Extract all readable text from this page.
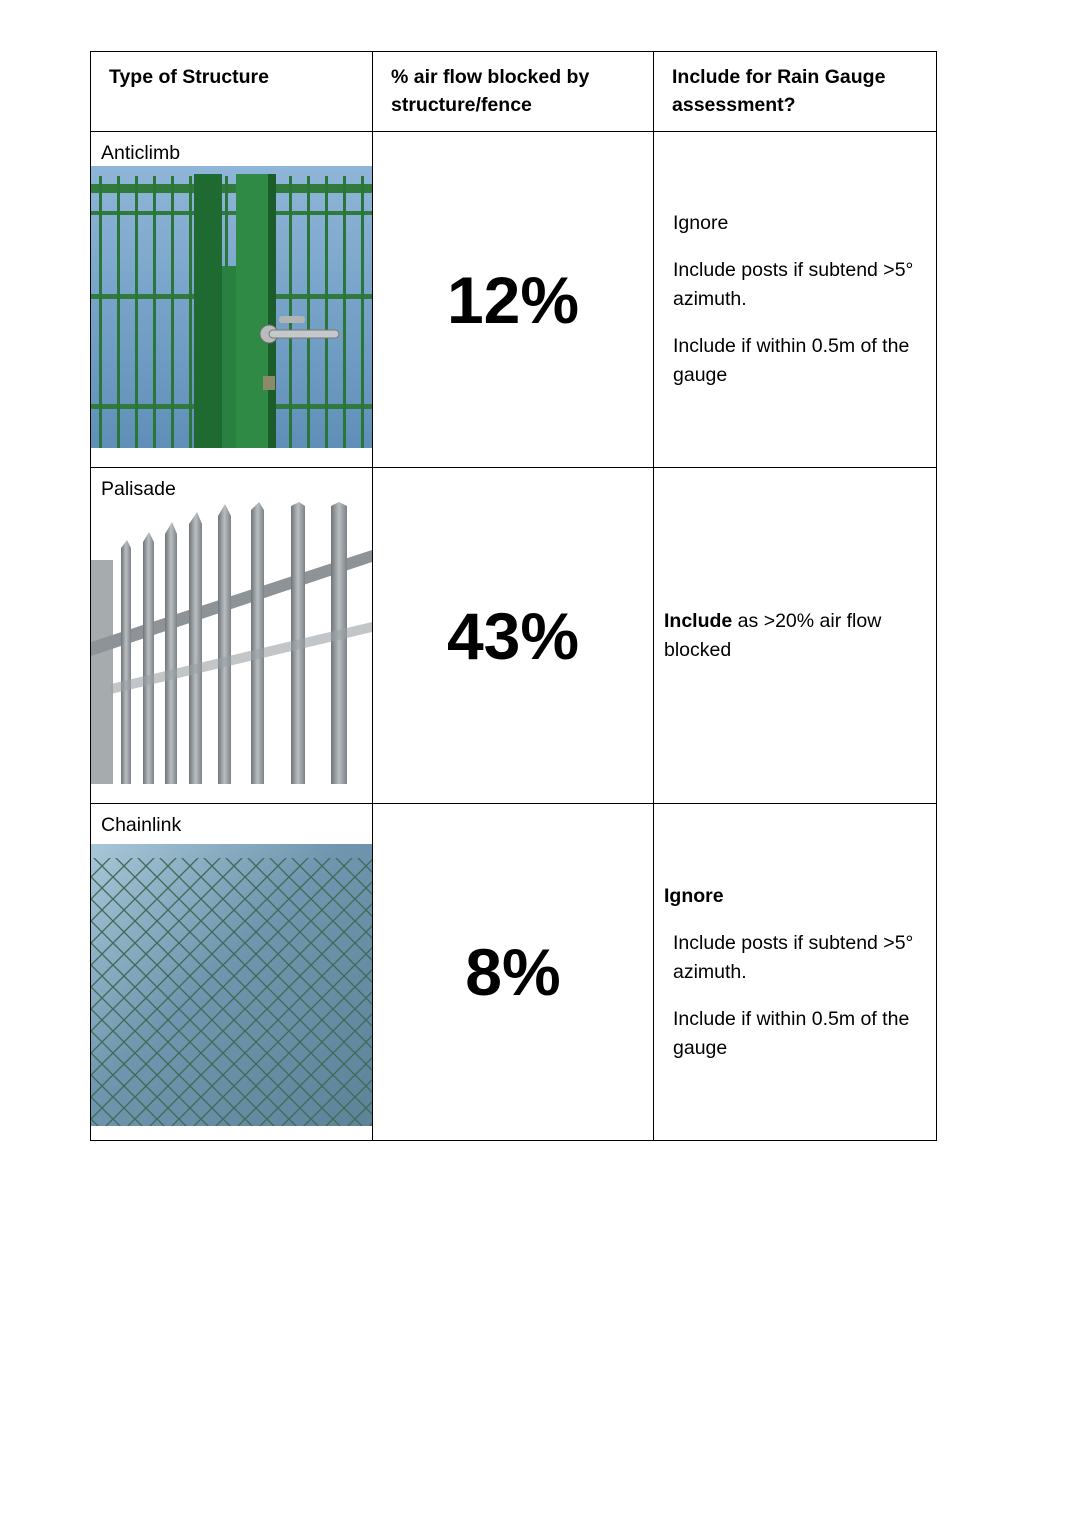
Type of Structure	% air flow blocked by structure/fence	Include for Rain Gauge assessment?

Anticlimb	12%	Ignore

Include posts if subtend >5° azimuth.

Include if within 0.5m of the gauge

Palisade	43%	Include as >20% air flow blocked

Chainlink	8%	Ignore

Include posts if subtend >5° azimuth.

Include if within 0.5m of the gauge
